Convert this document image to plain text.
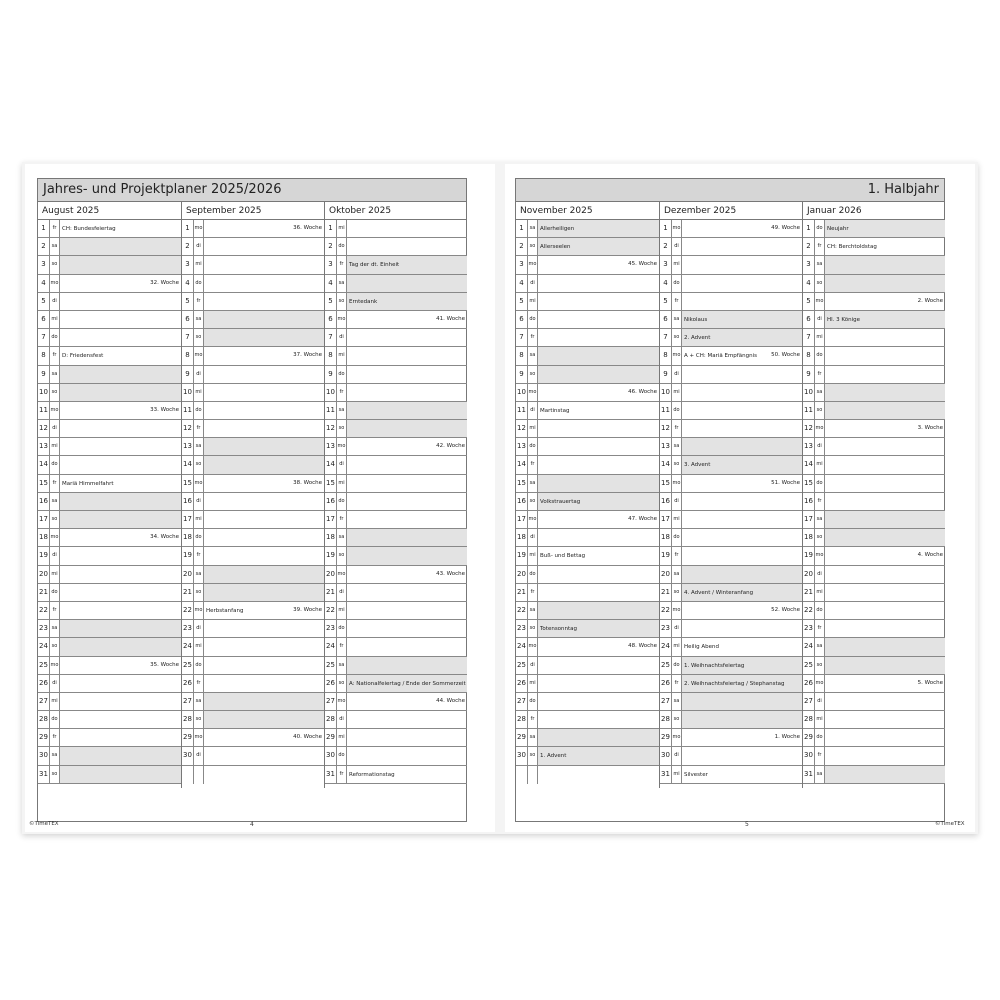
Jahres- und Projektplaner 2025/2026
August 2025
1	fr	CH: Bundesfeiertag
2	sa
3	so
4 mo	32. Woche
5	di
6	mi
7	do
8	fr	D: Friedensfest
9	sa
10 so
11 mo	33. Woche
12 di
13 mi
14 do
15 fr	Mariä Himmelfahrt
16 sa
17 so
18 mo	34. Woche
19 di
20 mi
21 do
22 fr
23 sa
24 so
25 mo	35. Woche
26 di
27 mi
28 do
29 fr
30 sa
31 so
September 2025
1 mo	36. Woche
2	di
3	mi
4	do
5	fr
6	sa
7	so
8 mo	37. Woche
9	di
10 mi
11 do
12 fr
13 sa
14 so
15 mo	38. Woche
16 di
17 mi
18 do
19 fr
20 sa
21 so
22 mo Herbstanfang	39. Woche
23 di
24 mi
25 do
26 fr
27 sa
28 so
29 mo	40. Woche
30 di
Oktober 2025
1	mi
2	do
3	fr	Tag der dt. Einheit
4	sa
5	so Erntedank
6 mo	41. Woche
7	di
8	mi
9	do
10 fr
11 sa
12 so
13 mo	42. Woche
14 di
15 mi
16 do
17 fr
18 sa
19 so
20 mo	43. Woche
21 di
22 mi
23 do
24 fr
25 sa
26 so A: Nationalfeiertag / Ende der Sommerzeit
27 mo	44. Woche
28 di
29 mi
30 do
31 fr	Reformationstag
©TimeTEX	4
1. Halbjahr
November 2025
1	sa Allerheiligen
2	so Allerseelen
3 mo	45. Woche
4	di
5	mi
6	do
7	fr
8	sa
9	so
10 mo	46. Woche
11 di Martinstag
12 mi
13 do
14 fr
15 sa
16 so Volkstrauertag
17 mo	47. Woche
18 di
19 mi Buß- und Bettag
20 do
21 fr
22 sa
23 so Totensonntag
24 mo	48. Woche
25 di
26 mi
27 do
28 fr
29 sa
30 so 1. Advent
Dezember 2025
1 mo	49. Woche
2	di
3	mi
4	do
5	fr
6	sa Nikolaus
7	so 2. Advent
8 mo A + CH: Mariä Empfängnis	50. Woche
9	di
10 mi
11 do
12 fr
13 sa
14 so 3. Advent
15 mo	51. Woche
16 di
17 mi
18 do
19 fr
20 sa
21 so 4. Advent / Winteranfang
22 mo	52. Woche
23 di
24 mi Heilig Abend
25 do 1. Weihnachtsfeiertag
26 fr	2. Weihnachtsfeiertag / Stephanstag
27 sa
28 so
29 mo	1. Woche
30 di
31 mi Silvester
Januar 2026
1	do Neujahr
2	fr	CH: Berchtoldstag
3	sa
4	so
5 mo	2. Woche
6	di Hl. 3 Könige
7	mi
8	do
9	fr
10 sa
11 so
12 mo	3. Woche
13 di
14 mi
15 do
16 fr
17 sa
18 so
19 mo	4. Woche
20 di
21 mi
22 do
23 fr
24 sa
25 so
26 mo	5. Woche
27 di
28 mi
29 do
30 fr
31 sa
5	©TimeTEX
